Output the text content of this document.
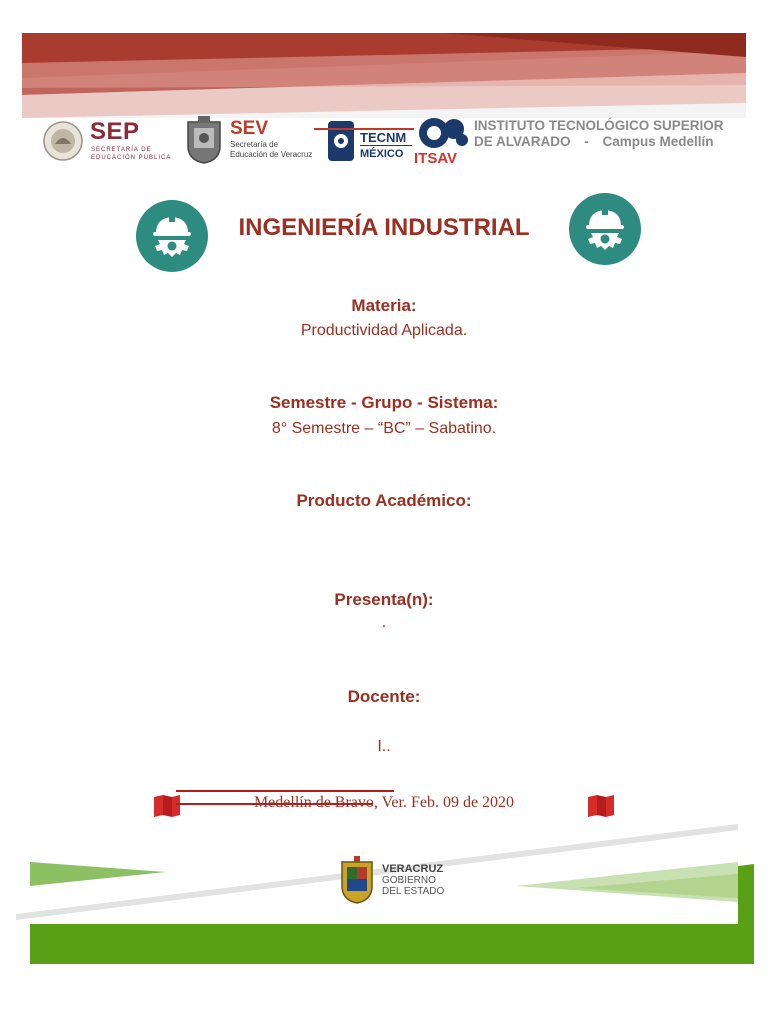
SEP
SECRETARÍA DE
EDUCACIÓN PÚBLICA
SEV
Secretaría de
Educación de Veracruz
TECNM
MÉXICO ITSAV
INSTITUTO TECNOLÓGICO SUPERIOR
DE ALVARADO - Campus Medellín
INGENIERÍA INDUSTRIAL
Materia:
Productividad Aplicada.
Semestre - Grupo - Sistema:
8° Semestre – “BC” – Sabatino.
Producto Académico:
Presenta(n):
.
Docente:
I..
Medellín de Bravo, Ver. Feb. 09 de 2020
VERACRUZ
GOBIERNO
DEL ESTADO
